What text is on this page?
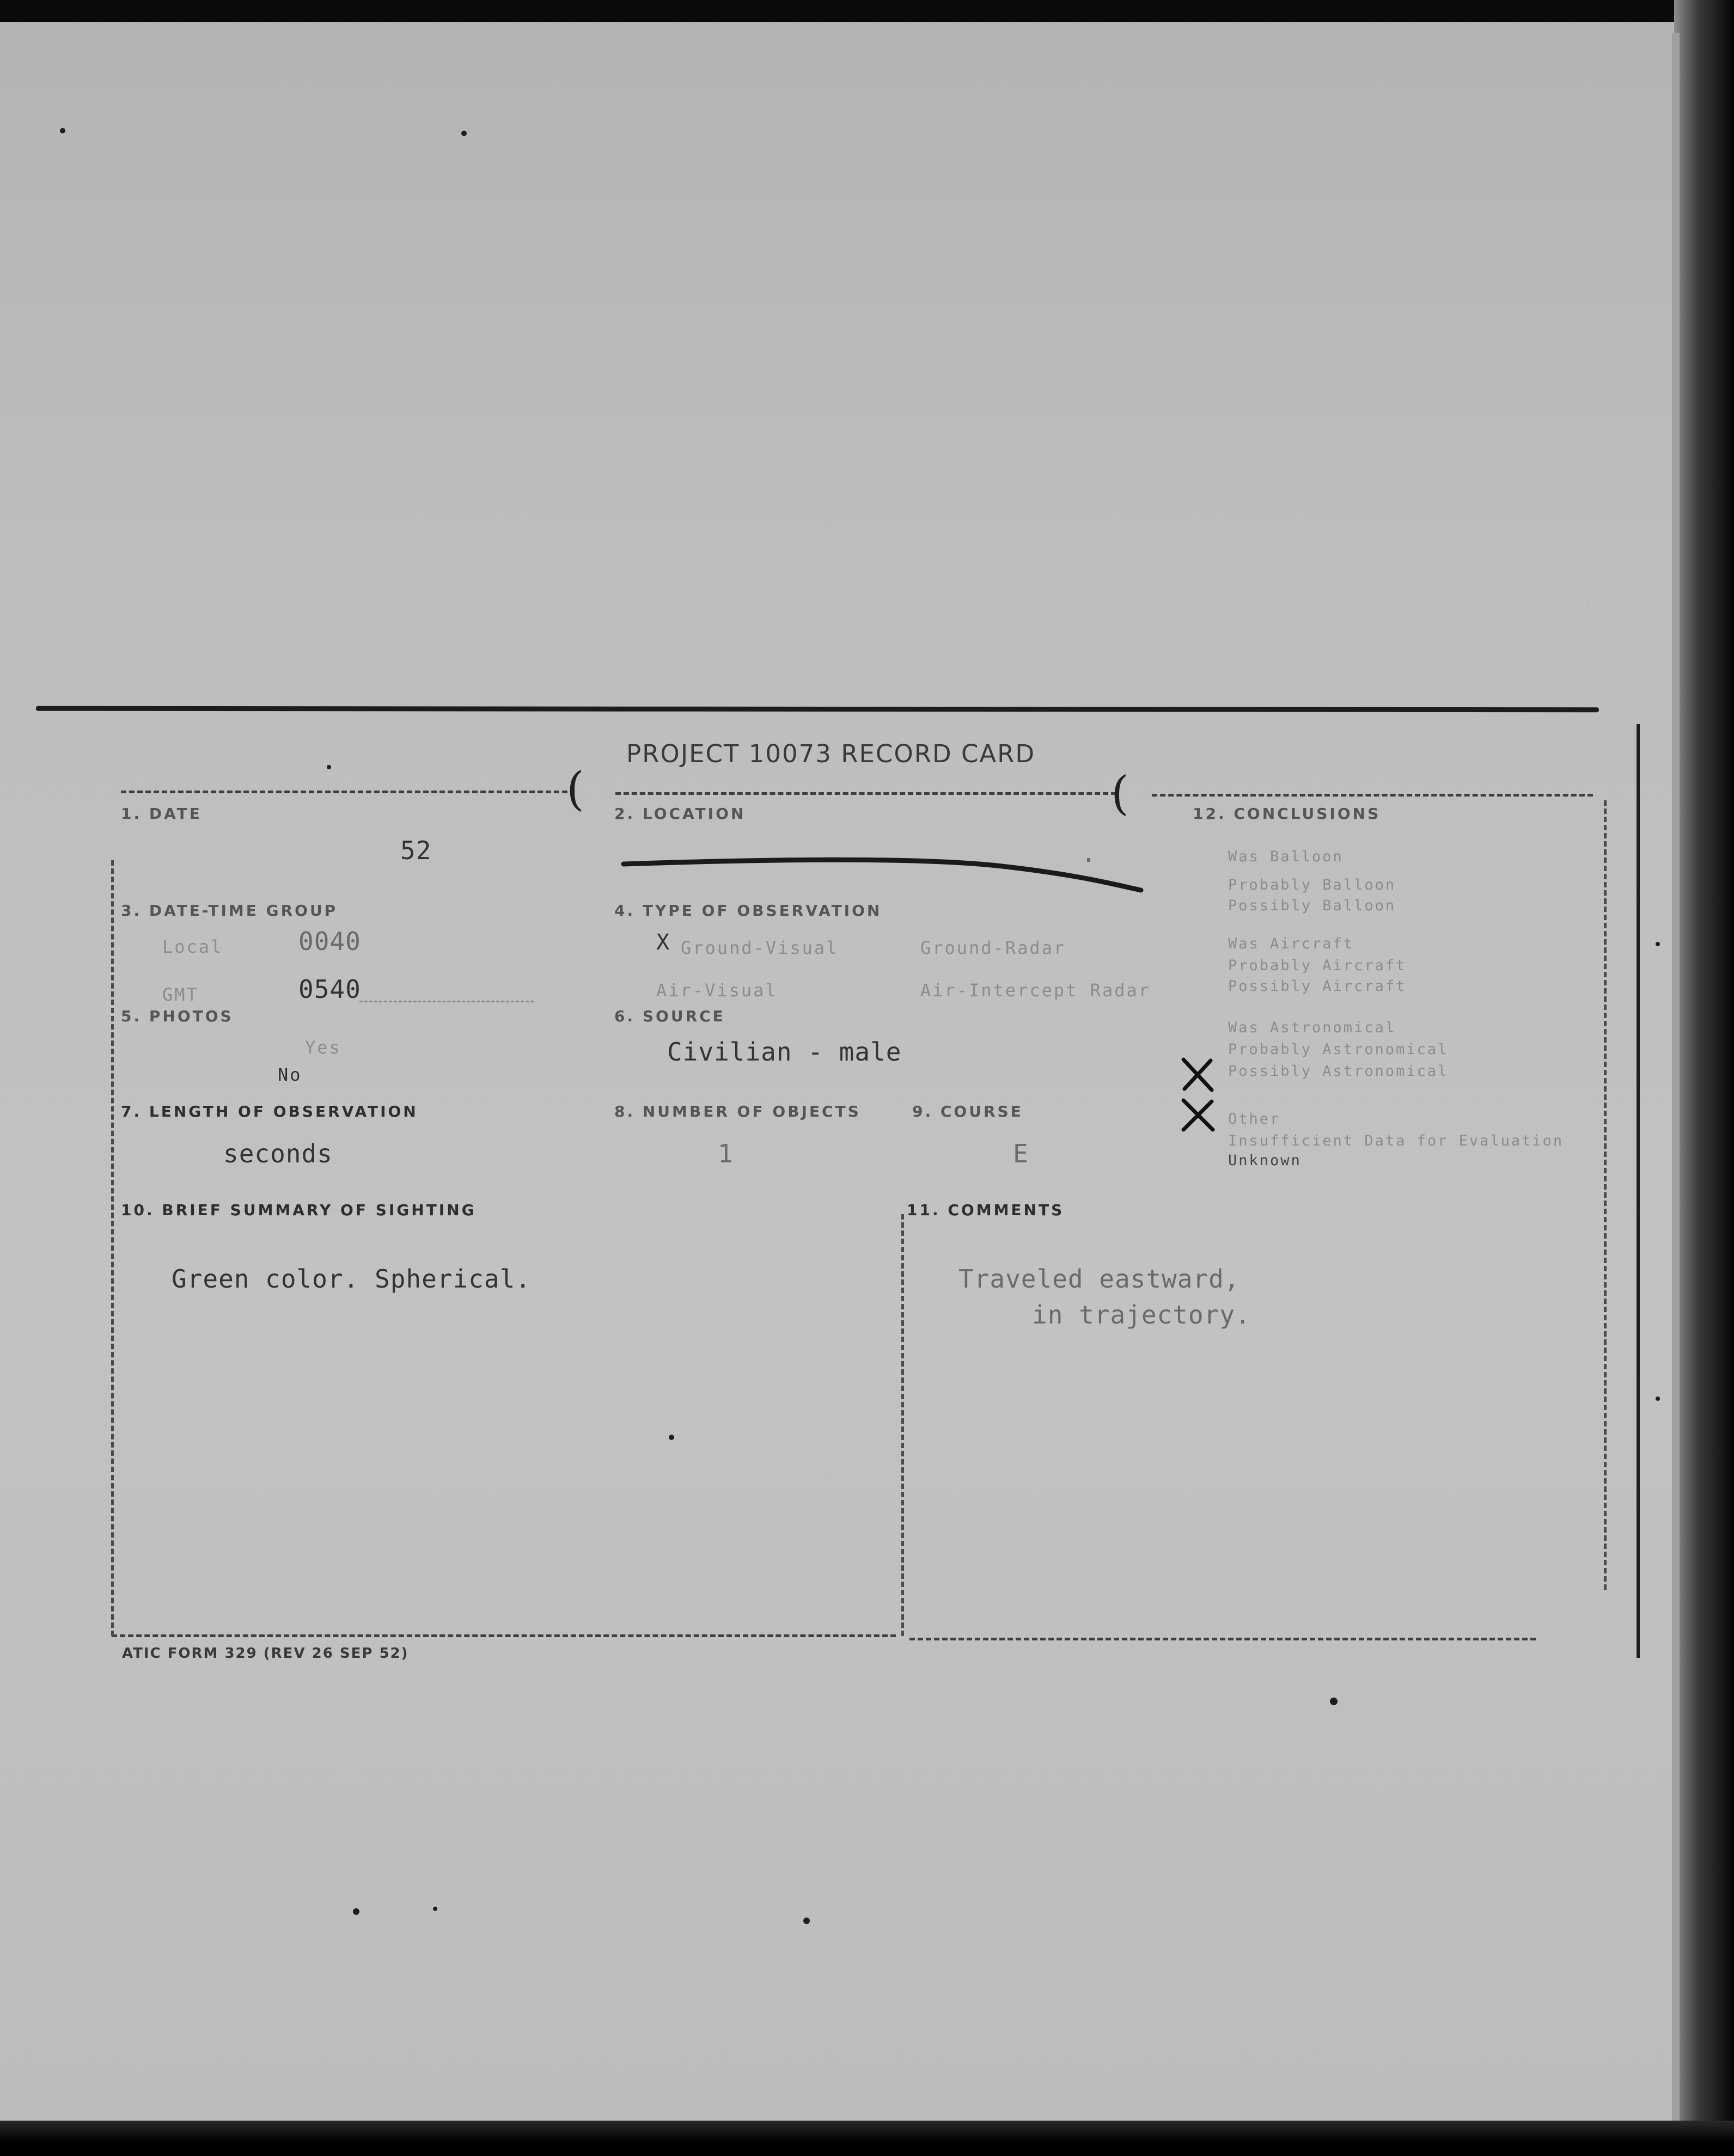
(	(
PROJECT 10073 RECORD CARD
1. DATE
52
2. LOCATION
.
12. CONCLUSIONS
3. DATE-TIME GROUP
Local	0040
GMT	0540
4. TYPE OF OBSERVATION
X Ground-Visual	Ground-Radar
Air-Visual	Air-Intercept Radar
5. PHOTOS
Yes
No
6. SOURCE
Civilian - male
7. LENGTH OF OBSERVATION
seconds
8. NUMBER OF OBJECTS
1
9. COURSE
E
Was Balloon
Probably Balloon
Possibly Balloon
Was Aircraft
Probably Aircraft
Possibly Aircraft
Was Astronomical
Probably Astronomical
Possibly Astronomical
Other
Insufficient Data for Evaluation
Unknown
10. BRIEF SUMMARY OF SIGHTING
Green color. Spherical.
11. COMMENTS
Traveled eastward,
in trajectory.
ATIC FORM 329 (REV 26 SEP 52)
